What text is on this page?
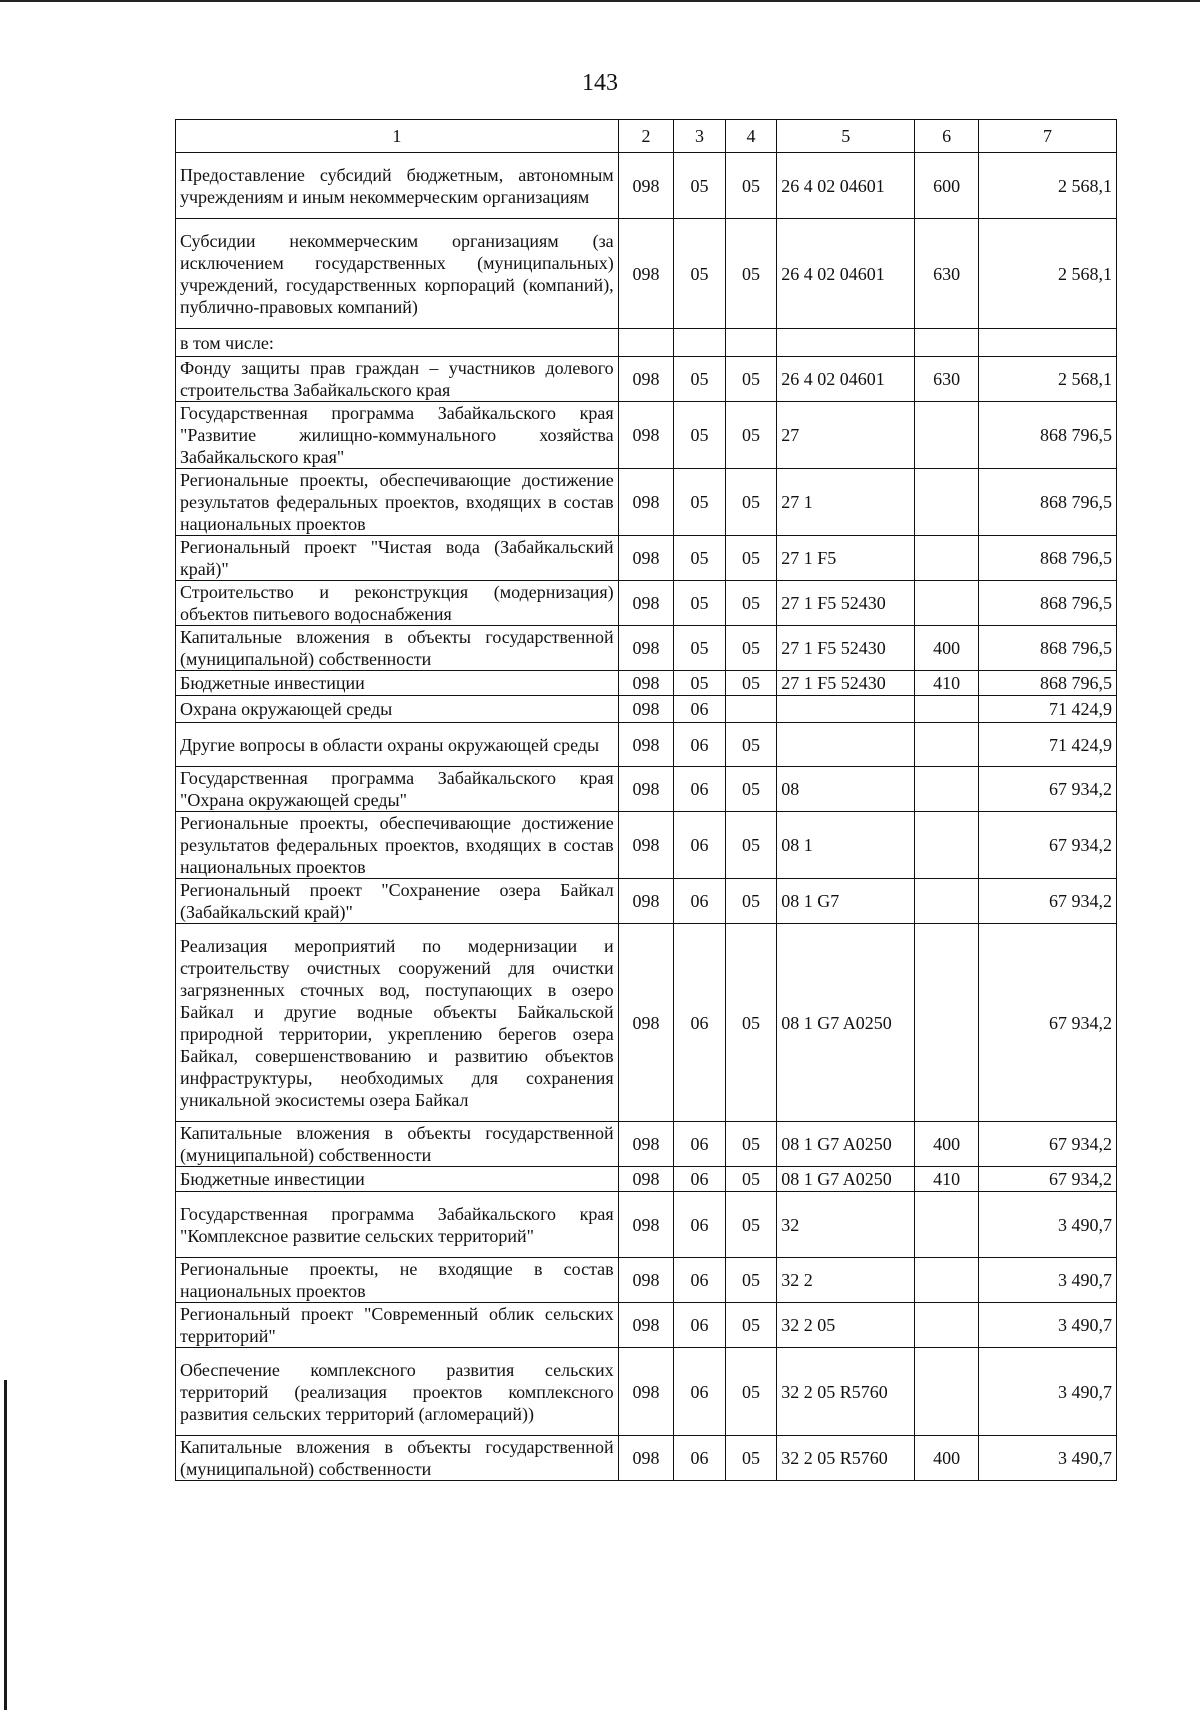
143
1	2	3	4	5	6	7
Предоставление субсидий бюджетным, автономным учреждениям и иным некоммерческим организациям	098	05	05	26 4 02 04601	600	2 568,1
Субсидии некоммерческим организациям (за исключением государственных (муниципальных) учреждений, государственных корпораций (компаний), публично-правовых компаний)	098	05	05	26 4 02 04601	630	2 568,1
в том числе:						
Фонду защиты прав граждан – участников долевого строительства Забайкальского края	098	05	05	26 4 02 04601	630	2 568,1
Государственная программа Забайкальского края "Развитие жилищно-коммунального хозяйства Забайкальского края"	098	05	05	27		868 796,5
Региональные проекты, обеспечивающие достижение результатов федеральных проектов, входящих в состав национальных проектов	098	05	05	27 1		868 796,5
Региональный проект "Чистая вода (Забайкальский край)"	098	05	05	27 1 F5		868 796,5
Строительство и реконструкция (модернизация) объектов питьевого водоснабжения	098	05	05	27 1 F5 52430		868 796,5
Капитальные вложения в объекты государственной (муниципальной) собственности	098	05	05	27 1 F5 52430	400	868 796,5
Бюджетные инвестиции	098	05	05	27 1 F5 52430	410	868 796,5
Охрана окружающей среды	098	06				71 424,9
Другие вопросы в области охраны окружающей среды	098	06	05			71 424,9
Государственная программа Забайкальского края "Охрана окружающей среды"	098	06	05	08		67 934,2
Региональные проекты, обеспечивающие достижение результатов федеральных проектов, входящих в состав национальных проектов	098	06	05	08 1		67 934,2
Региональный проект "Сохранение озера Байкал (Забайкальский край)"	098	06	05	08 1 G7		67 934,2
Реализация мероприятий по модернизации и строительству очистных сооружений для очистки загрязненных сточных вод, поступающих в озеро Байкал и другие водные объекты Байкальской природной территории, укреплению берегов озера Байкал, совершенствованию и развитию объектов инфраструктуры, необходимых для сохранения уникальной экосистемы озера Байкал	098	06	05	08 1 G7 A0250		67 934,2
Капитальные вложения в объекты государственной (муниципальной) собственности	098	06	05	08 1 G7 A0250	400	67 934,2
Бюджетные инвестиции	098	06	05	08 1 G7 A0250	410	67 934,2
Государственная программа Забайкальского края "Комплексное развитие сельских территорий"	098	06	05	32		3 490,7
Региональные проекты, не входящие в состав национальных проектов	098	06	05	32 2		3 490,7
Региональный проект "Современный облик сельских территорий"	098	06	05	32 2 05		3 490,7
Обеспечение комплексного развития сельских территорий (реализация проектов комплексного развития сельских территорий (агломераций))	098	06	05	32 2 05 R5760		3 490,7
Капитальные вложения в объекты государственной (муниципальной) собственности	098	06	05	32 2 05 R5760	400	3 490,7
